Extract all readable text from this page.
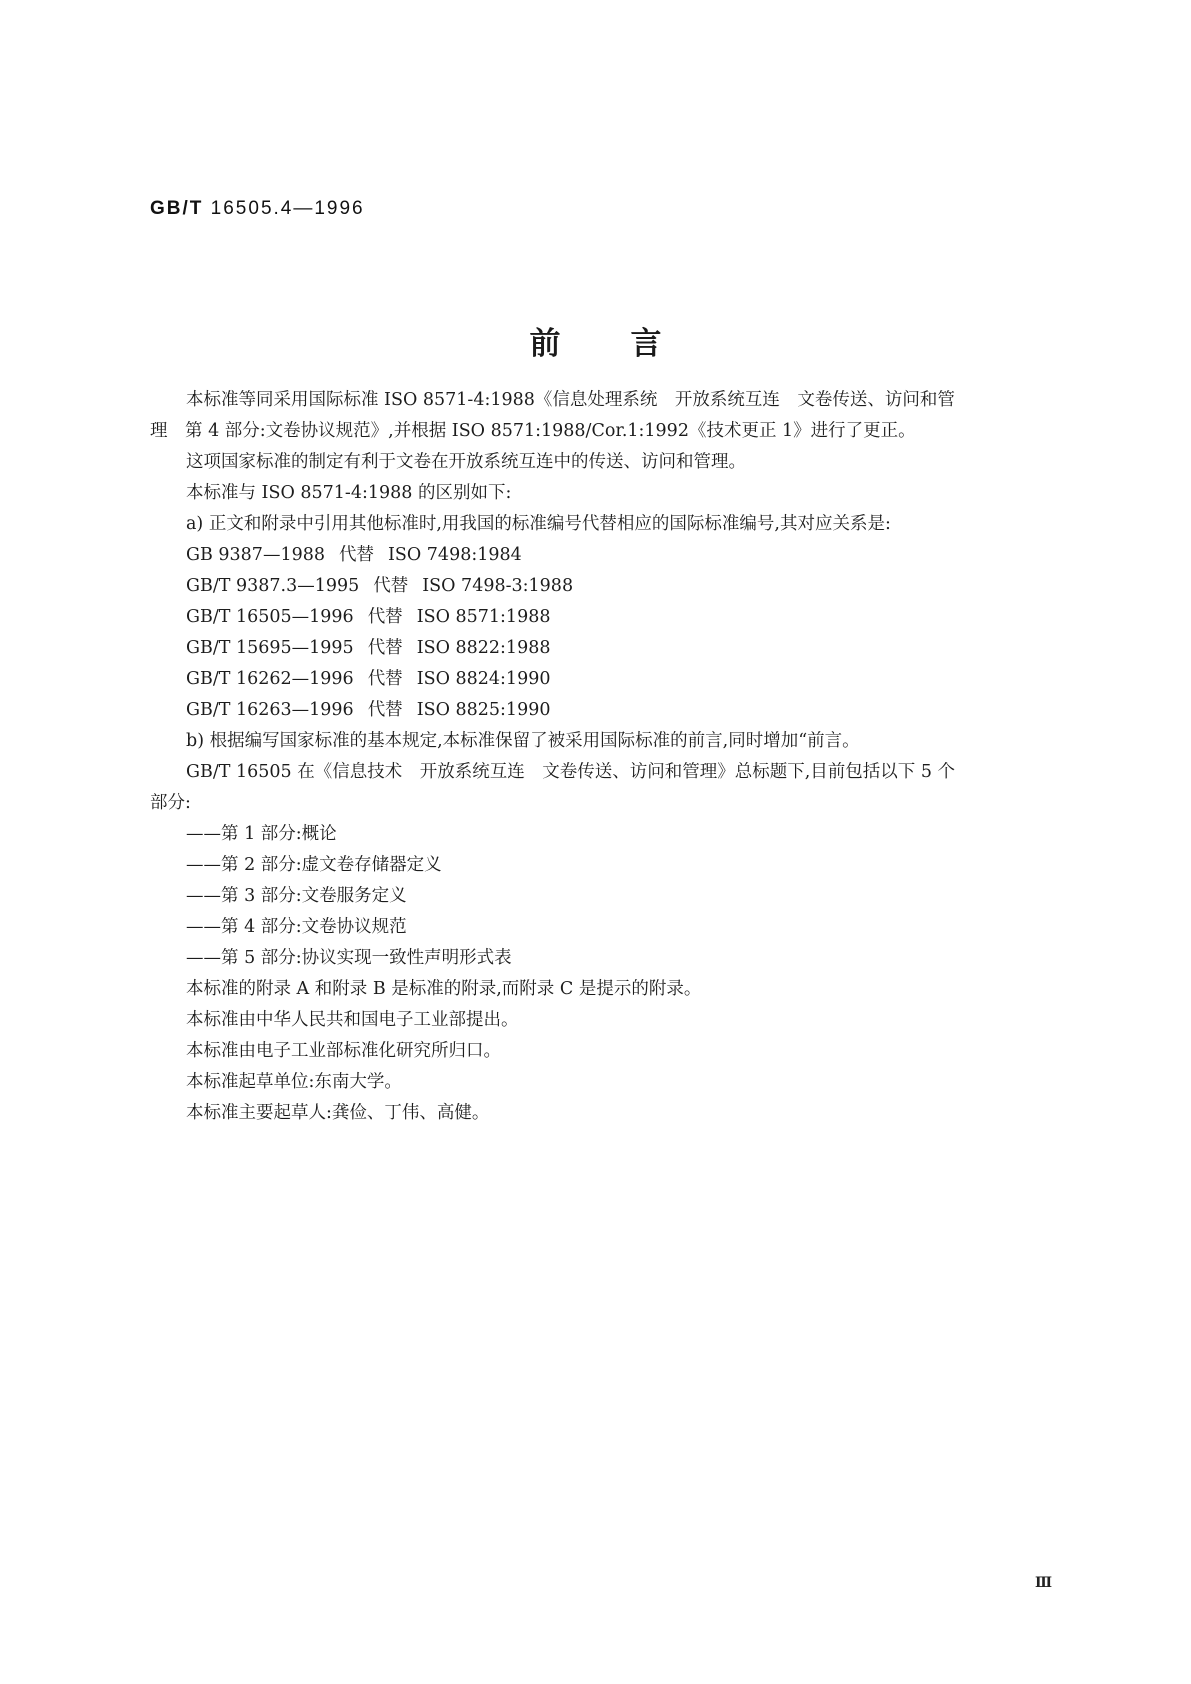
GB/T 16505.4—1996
前 言

本标准等同采用国际标准 ISO 8571-4:1988《信息处理系统　开放系统互连　文卷传送、访问和管

理　第 4 部分:文卷协议规范》,并根据 ISO 8571:1988/Cor.1:1992《技术更正 1》进行了更正。

这项国家标准的制定有利于文卷在开放系统互连中的传送、访问和管理。

本标准与 ISO 8571-4:1988 的区别如下:

a) 正文和附录中引用其他标准时,用我国的标准编号代替相应的国际标准编号,其对应关系是:

GB 9387—1988 代替 ISO 7498:1984

GB/T 9387.3—1995 代替 ISO 7498-3:1988

GB/T 16505—1996 代替 ISO 8571:1988

GB/T 15695—1995 代替 ISO 8822:1988

GB/T 16262—1996 代替 ISO 8824:1990

GB/T 16263—1996 代替 ISO 8825:1990

b) 根据编写国家标准的基本规定,本标准保留了被采用国际标准的前言,同时增加“前言。

GB/T 16505 在《信息技术　开放系统互连　文卷传送、访问和管理》总标题下,目前包括以下 5 个

部分:

——第 1 部分:概论

——第 2 部分:虚文卷存储器定义

——第 3 部分:文卷服务定义

——第 4 部分:文卷协议规范

——第 5 部分:协议实现一致性声明形式表

本标准的附录 A 和附录 B 是标准的附录,而附录 C 是提示的附录。

本标准由中华人民共和国电子工业部提出。

本标准由电子工业部标准化研究所归口。

本标准起草单位:东南大学。

本标准主要起草人:龚俭、丁伟、高健。

Ⅲ
